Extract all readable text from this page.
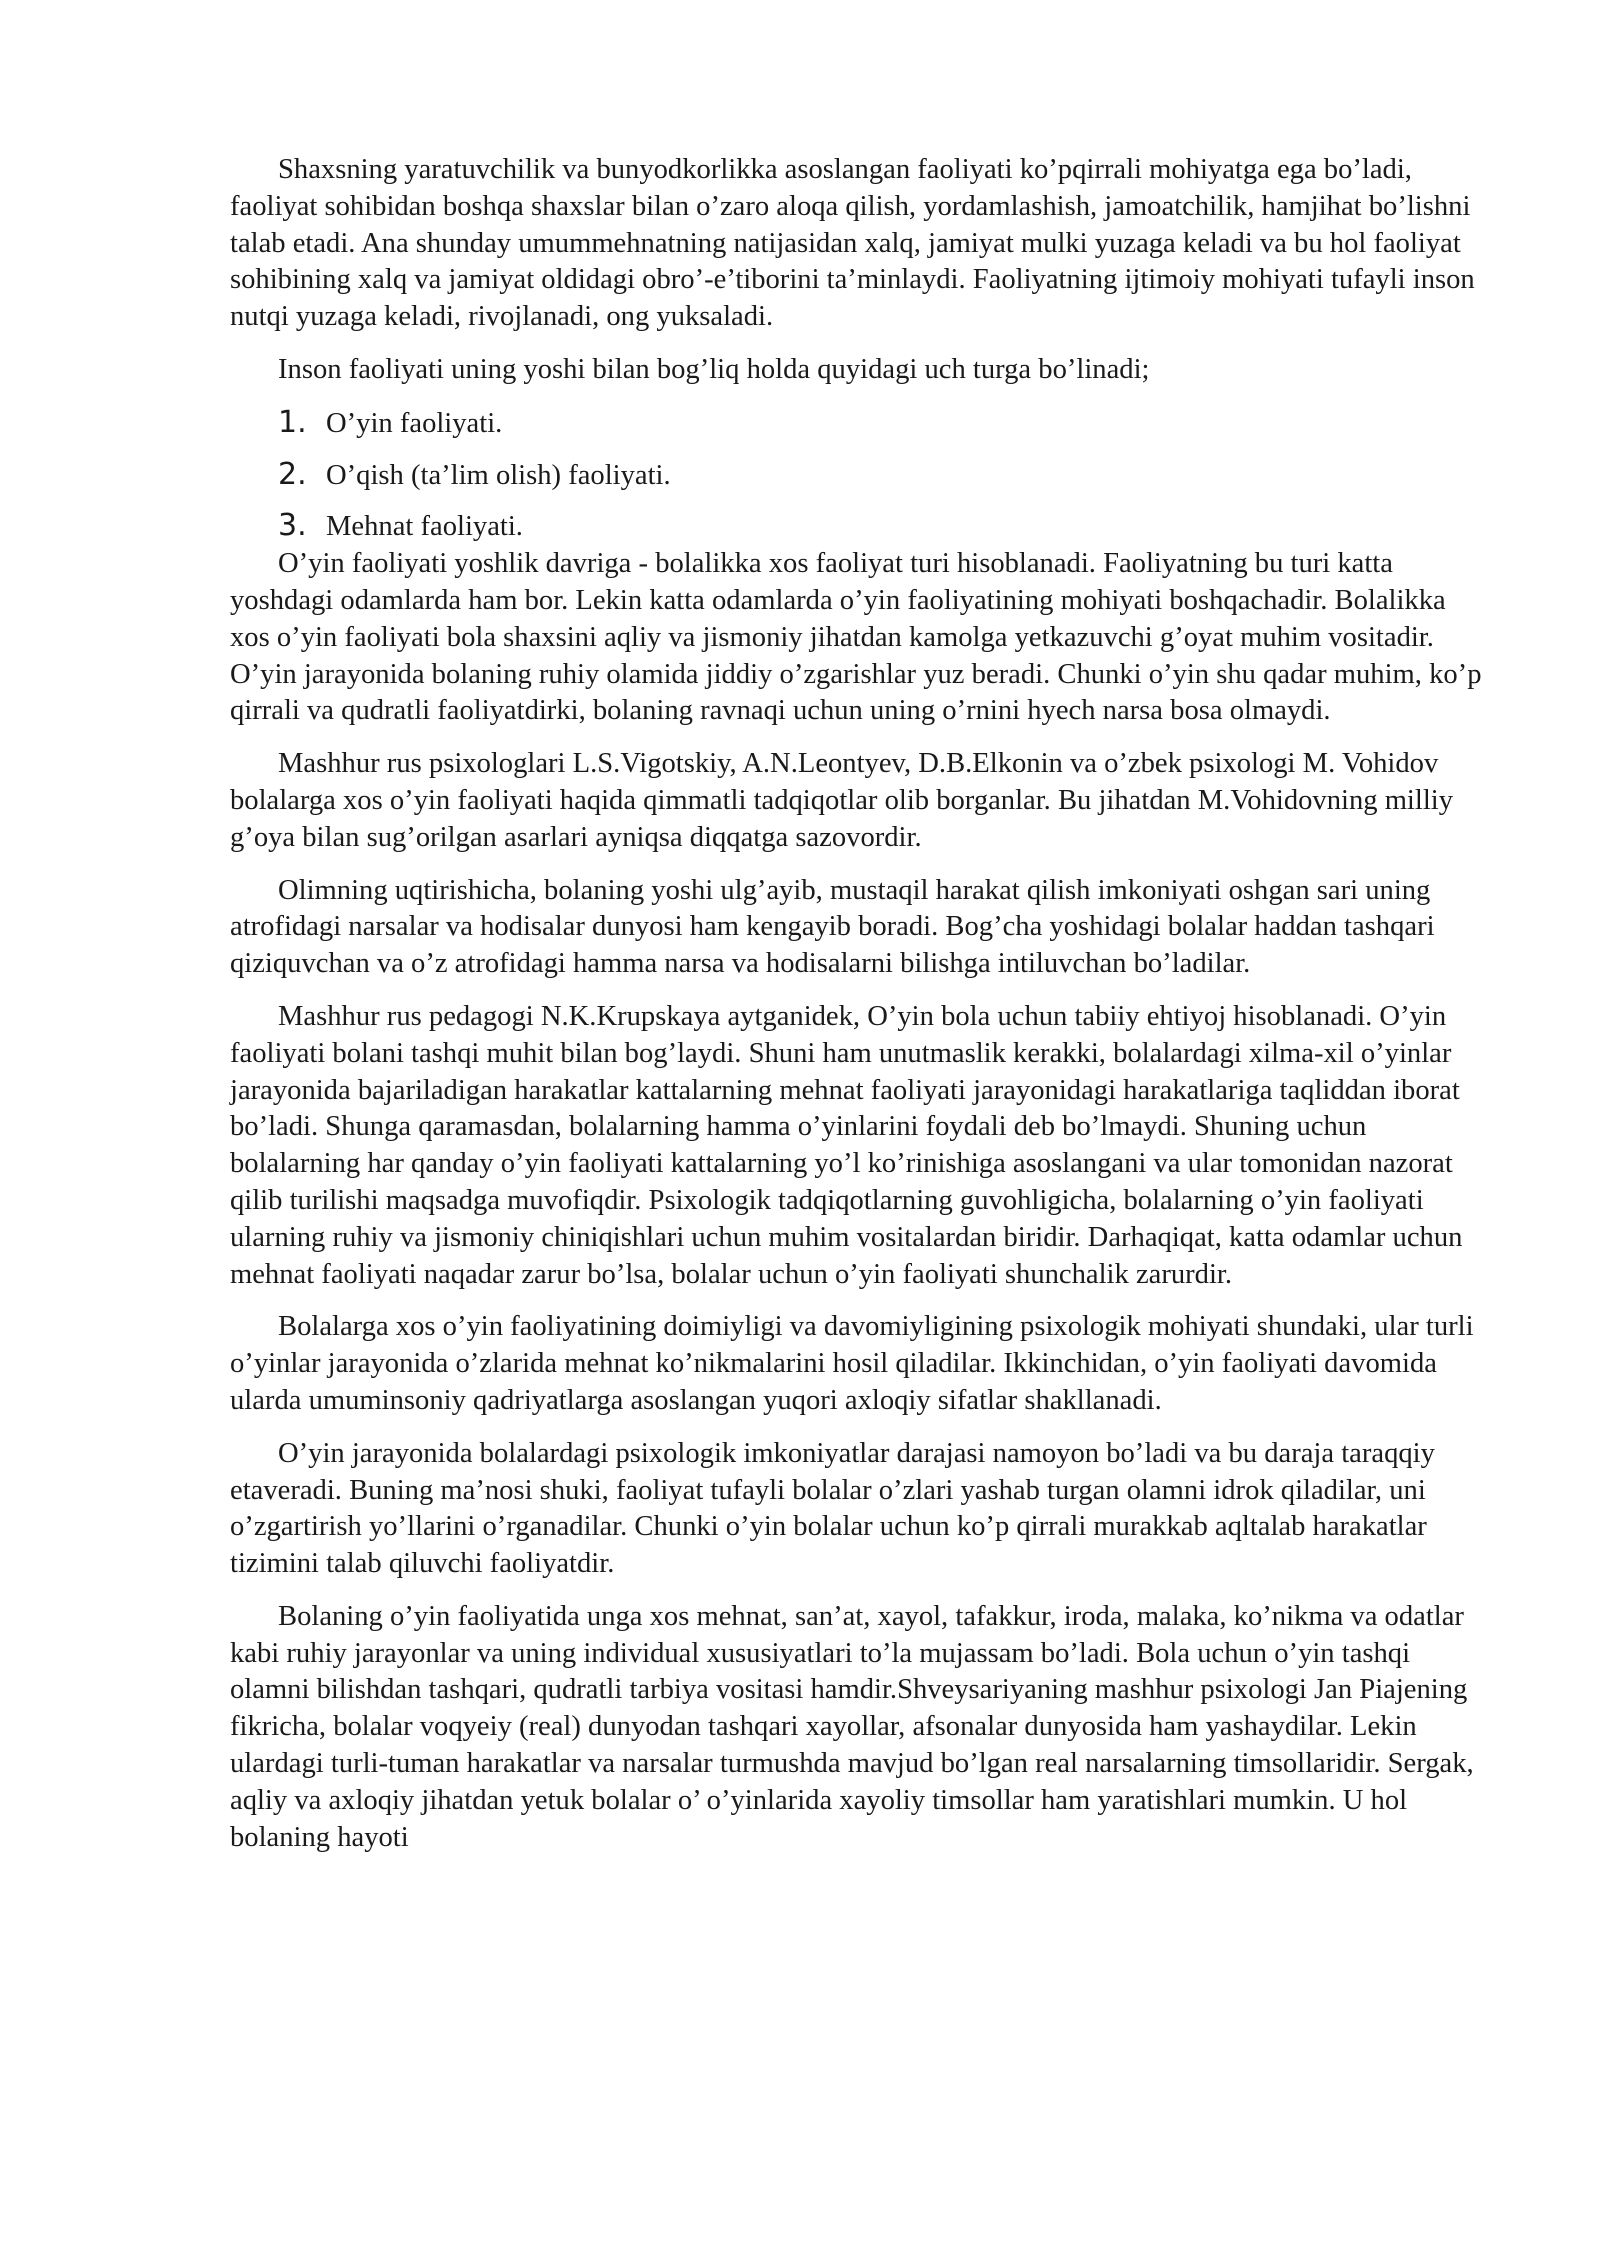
Shaxsning yaratuvchilik va bunyodkorlikka asoslangan faoliyati ko’pqirrali mohiyatga ega bo’ladi, faoliyat sohibidan boshqa shaxslar bilan o’zaro aloqa qilish, yordamlashish, jamoatchilik, hamjihat bo’lishni talab etadi. Ana shunday umummehnatning natijasidan xalq, jamiyat mulki yuzaga keladi va bu hol faoliyat sohibining xalq va jamiyat oldidagi obro’-e’tiborini ta’minlaydi. Faoliyatning ijtimoiy mohiyati tufayli inson nutqi yuzaga keladi, rivojlanadi, ong yuksaladi.

Inson faoliyati uning yoshi bilan bog’liq holda quyidagi uch turga bo’linadi;

1. O’yin faoliyati.
2. O’qish (ta’lim olish) faoliyati.
3. Mehnat faoliyati.

O’yin faoliyati yoshlik davriga - bolalikka xos faoliyat turi hisoblanadi. Faoliyatning bu turi katta yoshdagi odamlarda ham bor. Lekin katta odamlarda o’yin faoliyatining mohiyati boshqachadir. Bolalikka xos o’yin faoliyati bola shaxsini aqliy va jismoniy jihatdan kamolga yetkazuvchi g’oyat muhim vositadir. O’yin jarayonida bolaning ruhiy olamida jiddiy o’zgarishlar yuz beradi. Chunki o’yin shu qadar muhim, ko’p qirrali va qudratli faoliyatdirki, bolaning ravnaqi uchun uning o’rnini hyech narsa bosa olmaydi.

Mashhur rus psixologlari L.S.Vigotskiy, A.N.Leontyev, D.B.Elkonin va o’zbek psixologi M. Vohidov bolalarga xos o’yin faoliyati haqida qimmatli tadqiqotlar olib borganlar. Bu jihatdan M.Vohidovning milliy g’oya bilan sug’orilgan asarlari ayniqsa diqqatga sazovordir.

Olimning uqtirishicha, bolaning yoshi ulg’ayib, mustaqil harakat qilish imkoniyati oshgan sari uning atrofidagi narsalar va hodisalar dunyosi ham kengayib boradi. Bog’cha yoshidagi bolalar haddan tashqari qiziquvchan va o’z atrofidagi hamma narsa va hodisalarni bilishga intiluvchan bo’ladilar.

Mashhur rus pedagogi N.K.Krupskaya aytganidek, O’yin bola uchun tabiiy ehtiyoj hisoblanadi. O’yin faoliyati bolani tashqi muhit bilan bog’laydi. Shuni ham unutmaslik kerakki, bolalardagi xilma-xil o’yinlar jarayonida bajariladigan harakatlar kattalarning mehnat faoliyati jarayonidagi harakatlariga taqliddan iborat bo’ladi. Shunga qaramasdan, bolalarning hamma o’yinlarini foydali deb bo’lmaydi. Shuning uchun bolalarning har qanday o’yin faoliyati kattalarning yo’l ko’rinishiga asoslangani va ular tomonidan nazorat qilib turilishi maqsadga muvofiqdir. Psixologik tadqiqotlarning guvohligicha, bolalarning o’yin faoliyati ularning ruhiy va jismoniy chiniqishlari uchun muhim vositalardan biridir. Darhaqiqat, katta odamlar uchun mehnat faoliyati naqadar zarur bo’lsa, bolalar uchun o’yin faoliyati shunchalik zarurdir.

Bolalarga xos o’yin faoliyatining doimiyligi va davomiyligining psixologik mohiyati shundaki, ular turli o’yinlar jarayonida o’zlarida mehnat ko’nikmalarini hosil qiladilar. Ikkinchidan, o’yin faoliyati davomida ularda umuminsoniy qadriyatlarga asoslangan yuqori axloqiy sifatlar shakllanadi.

O’yin jarayonida bolalardagi psixologik imkoniyatlar darajasi namoyon bo’ladi va bu daraja taraqqiy etaveradi. Buning ma’nosi shuki, faoliyat tufayli bolalar o’zlari yashab turgan olamni idrok qiladilar, uni o’zgartirish yo’llarini o’rganadilar. Chunki o’yin bolalar uchun ko’p qirrali murakkab aqltalab harakatlar tizimini talab qiluvchi faoliyatdir.

Bolaning o’yin faoliyatida unga xos mehnat, san’at, xayol, tafakkur, iroda, malaka, ko’nikma va odatlar kabi ruhiy jarayonlar va uning individual xususiyatlari to’la mujassam bo’ladi. Bola uchun o’yin tashqi olamni bilishdan tashqari, qudratli tarbiya vositasi hamdir.Shveysariyaning mashhur psixologi Jan Piajening fikricha, bolalar voqyeiy (real) dunyodan tashqari xayollar, afsonalar dunyosida ham yashaydilar. Lekin ulardagi turli-tuman harakatlar va narsalar turmushda mavjud bo’lgan real narsalarning timsollaridir. Sergak, aqliy va axloqiy jihatdan yetuk bolalar o’ o’yinlarida xayoliy timsollar ham yaratishlari mumkin. U hol bolaning hayoti
